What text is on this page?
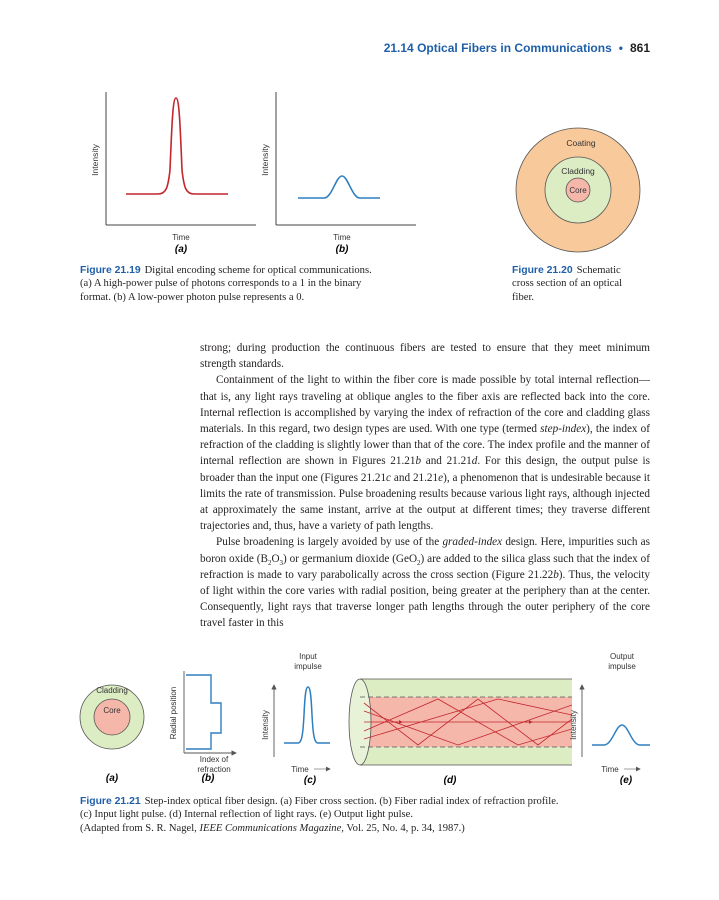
21.14 Optical Fibers in Communications • 861
Intensity
Time
(a)
Intensity
Time
(b)
Figure 21.19 Digital encoding scheme for optical communications.
(a) A high-power pulse of photons corresponds to a 1 in the binary
format. (b) A low-power photon pulse represents a 0.
Coating
Cladding
Core
Figure 21.20 Schematic
cross section of an optical
fiber.

strong; during production the continuous fibers are tested to ensure that they meet minimum strength standards.

Containment of the light to within the fiber core is made possible by total internal reflection—that is, any light rays traveling at oblique angles to the fiber axis are reflected back into the core. Internal reflection is accomplished by varying the index of refraction of the core and cladding glass materials. In this regard, two design types are used. With one type (termed step-index), the index of refraction of the cladding is slightly lower than that of the core. The index profile and the manner of internal reflection are shown in Figures 21.21b and 21.21d. For this design, the output pulse is broader than the input one (Figures 21.21c and 21.21e), a phenomenon that is undesirable because it limits the rate of transmission. Pulse broadening results because various light rays, although injected at approximately the same instant, arrive at the output at different times; they traverse different trajectories and, thus, have a variety of path lengths.

Pulse broadening is largely avoided by use of the graded-index design. Here, impurities such as boron oxide $(B_2O_3)$ or germanium dioxide (GeO$_2$) are added to the silica glass such that the index of refraction is made to vary parabolically across the cross section (Figure 21.22b). Thus, the velocity of light within the core varies with radial position, being greater at the periphery than at the center. Consequently, light rays that traverse longer path lengths through the outer periphery of the core travel faster in this

Cladding
Core
(a)
Radial position
Index of
refraction
(b)
Input
impulse
Intensity
Time
(c)	(d)
Output
impulse
Intensity
Time
(e)
Figure 21.21 Step-index optical fiber design. (a) Fiber cross section. (b) Fiber radial index of refraction profile.
(c) Input light pulse. (d) Internal reflection of light rays. (e) Output light pulse.
(Adapted from S. R. Nagel, IEEE Communications Magazine, Vol. 25, No. 4, p. 34, 1987.)
